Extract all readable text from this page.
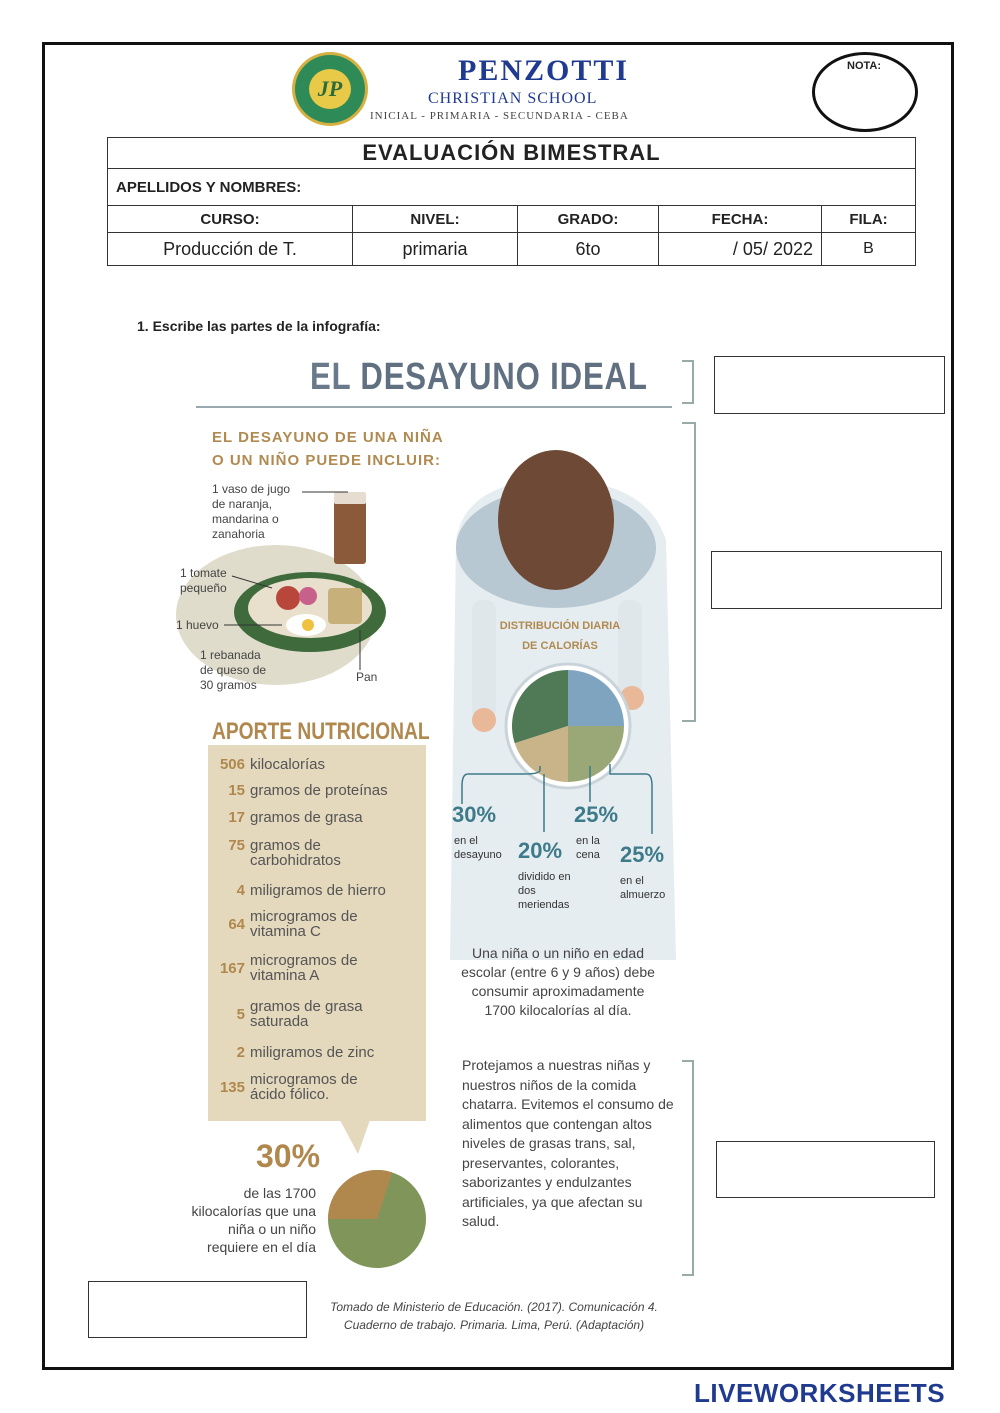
JP
PENZOTTI
CHRISTIAN SCHOOL
INICIAL - PRIMARIA - SECUNDARIA - CEBA
NOTA:
EVALUACIÓN BIMESTRAL				
APELLIDOS Y NOMBRES:				
CURSO:	NIVEL:	GRADO:	FECHA:	FILA:
Producción de T.	primaria	6to	/ 05/ 2022	B
1. Escribe las partes de la infografía:
EL DESAYUNO IDEAL
EL DESAYUNO DE UNA NIÑA
O UN NIÑO PUEDE INCLUIR:
1 vaso de jugo de naranja, mandarina o zanahoria
1 tomate pequeño
1 huevo
1 rebanada de queso de 30 gramos
Pan
APORTE NUTRICIONAL
506 kilocalorías
15 gramos de proteínas
17 gramos de grasa
75 gramos de carbohidratos
4 miligramos de hierro
64 microgramos de vitamina C
167 microgramos de vitamina A
5 gramos de grasa saturada
2 miligramos de zinc
135 microgramos de ácido fólico.
30%
de las 1700 kilocalorías que una niña o un niño requiere en el día
DISTRIBUCIÓN DIARIA
DE CALORÍAS
30%
en el desayuno 20%
dividido en dos meriendas
25%
en la cena 25%
en el almuerzo
Una niña o un niño en edad escolar (entre 6 y 9 años) debe consumir aproximadamente 1700 kilocalorías al día.
Protejamos a nuestras niñas y nuestros niños de la comida chatarra. Evitemos el consumo de alimentos que contengan altos niveles de grasas trans, sal, preservantes, colorantes, saborizantes y endulzantes artificiales, ya que afectan su salud.
Tomado de Ministerio de Educación. (2017). Comunicación 4.
Cuaderno de trabajo. Primaria. Lima, Perú. (Adaptación)
LIVEWORKSHEETS
